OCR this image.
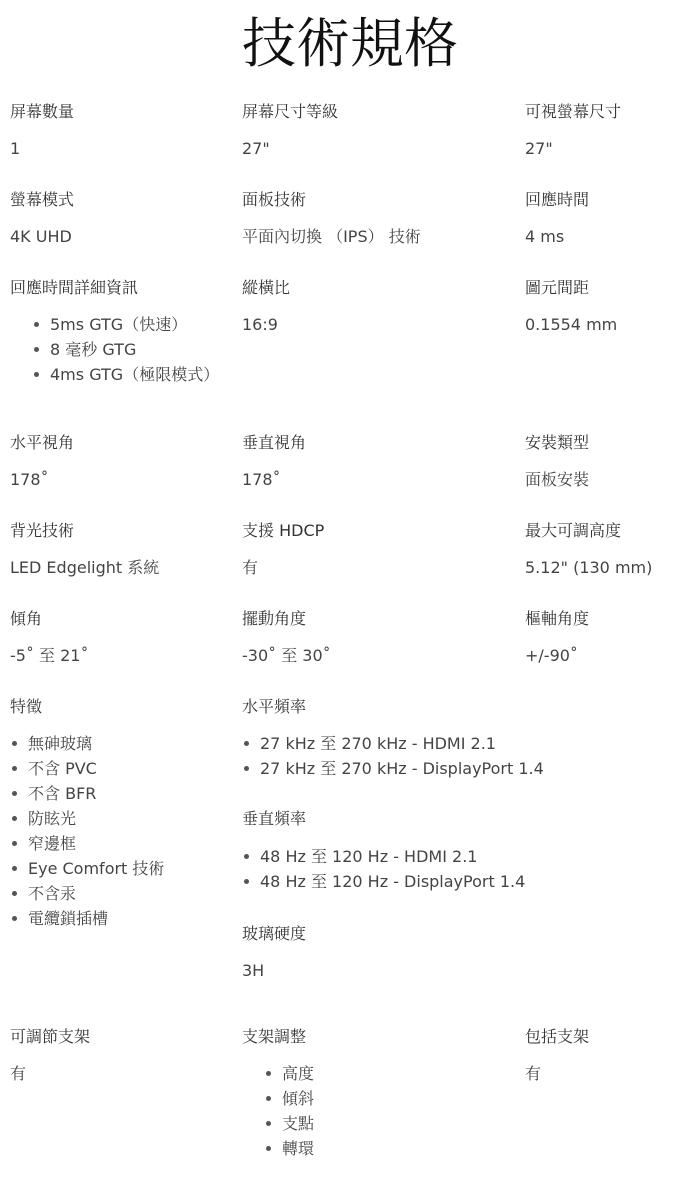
技術規格
屏幕數量
1
屏幕尺寸等級
27"
可視螢幕尺寸
27"
螢幕模式
4K UHD
面板技術
平面內切換 （IPS） 技術
回應時間
4 ms
回應時間詳細資訊
5ms GTG（快速）
8 毫秒 GTG
4ms GTG（極限模式）
縱橫比
16:9
圖元間距
0.1554 mm
水平視角
178˚
垂直視角
178˚
安裝類型
面板安裝
背光技術
LED Edgelight 系統
支援 HDCP
有
最大可調高度
5.12" (130 mm)
傾角
-5˚ 至 21˚
擺動角度
-30˚ 至 30˚
樞軸角度
+/-90˚
特徵
無砷玻璃
不含 PVC
不含 BFR
防眩光
窄邊框
Eye Comfort 技術
不含汞
電纜鎖插槽
水平頻率
27 kHz 至 270 kHz - HDMI 2.1
27 kHz 至 270 kHz - DisplayPort 1.4
垂直頻率
48 Hz 至 120 Hz - HDMI 2.1
48 Hz 至 120 Hz - DisplayPort 1.4
玻璃硬度
3H
可調節支架
有
支架調整
高度
傾斜
支點
轉環
包括支架
有
